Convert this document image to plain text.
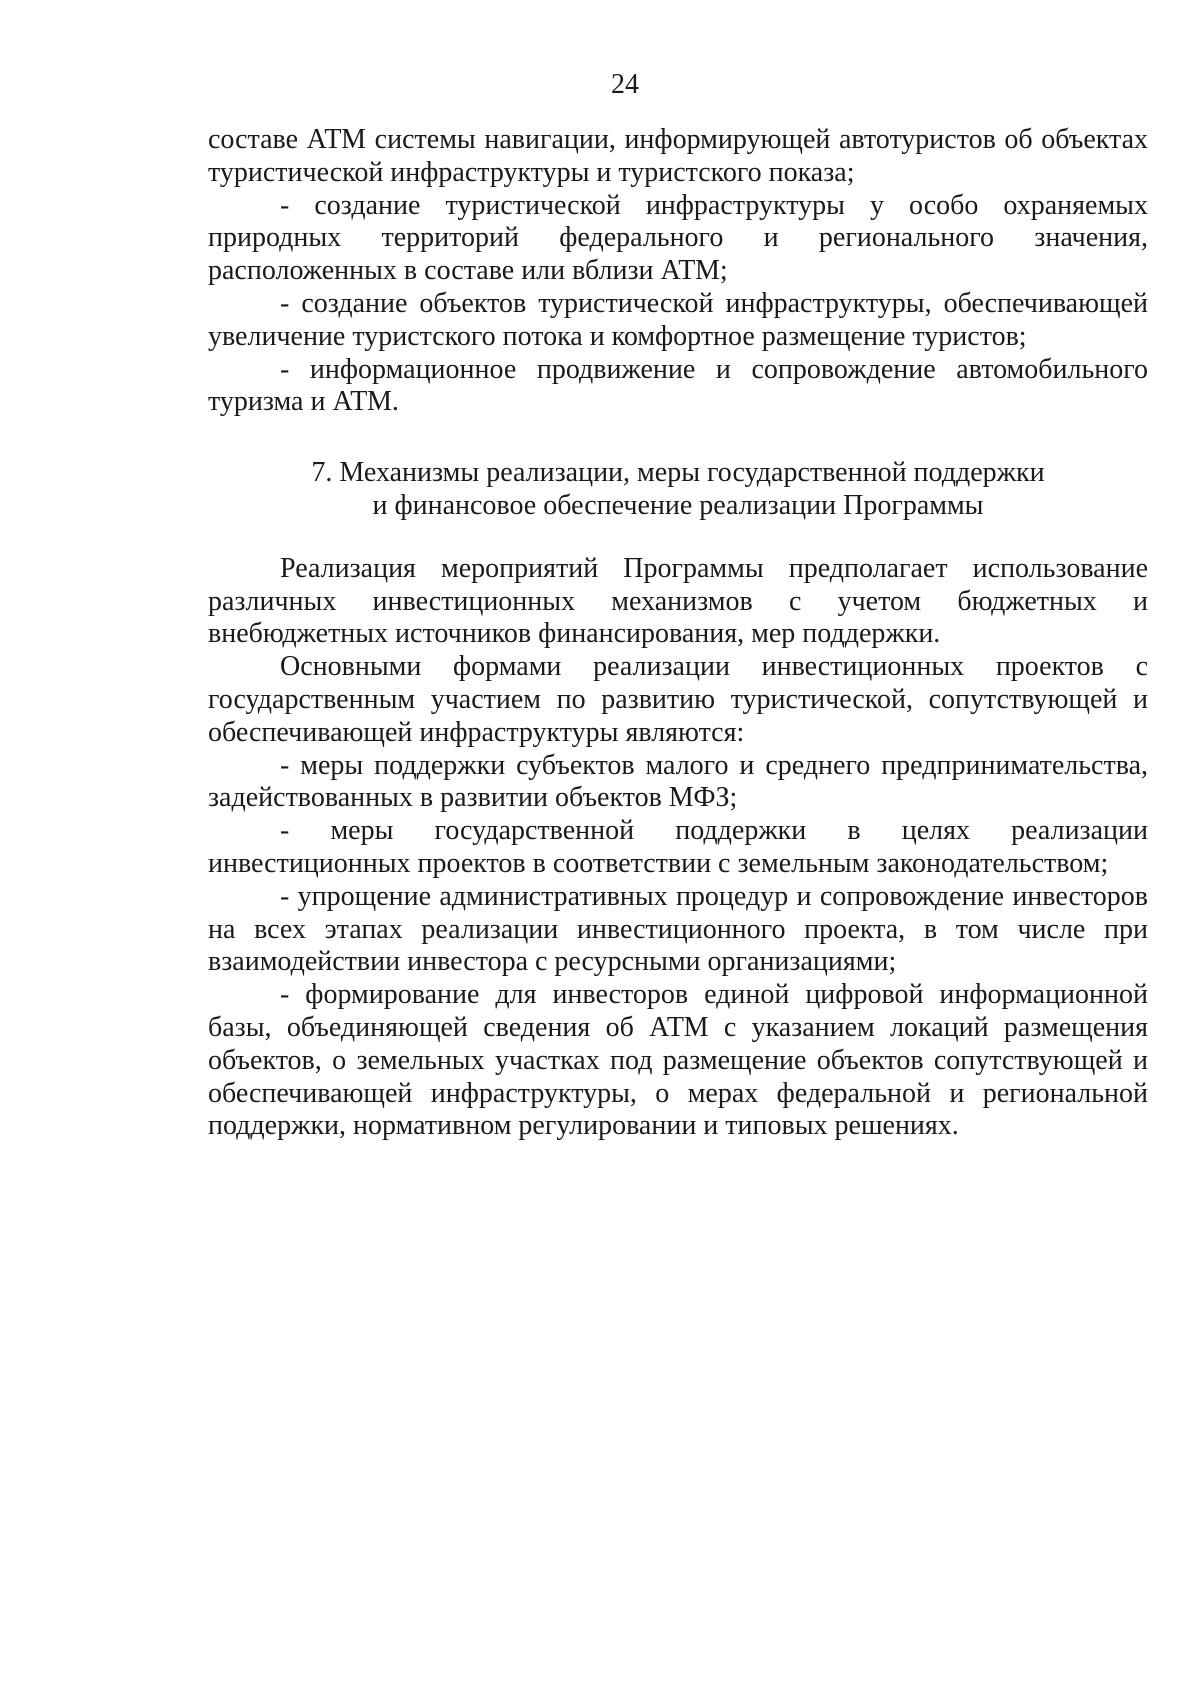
24

составе АТМ системы навигации, информирующей автотуристов об объектах туристической инфраструктуры и туристского показа;

- создание туристической инфраструктуры у особо охраняемых природных территорий федерального и регионального значения, расположенных в составе или вблизи АТМ;

- создание объектов туристической инфраструктуры, обеспечивающей увеличение туристского потока и комфортное размещение туристов;

- информационное продвижение и сопровождение автомобильного туризма и АТМ.

7. Механизмы реализации, меры государственной поддержки
и финансовое обеспечение реализации Программы

Реализация мероприятий Программы предполагает использование различных инвестиционных механизмов с учетом бюджетных и внебюджетных источников финансирования, мер поддержки.

Основными формами реализации инвестиционных проектов с государственным участием по развитию туристической, сопутствующей и обеспечивающей инфраструктуры являются:

- меры поддержки субъектов малого и среднего предпринимательства, задействованных в развитии объектов МФЗ;

- меры государственной поддержки в целях реализации инвестиционных проектов в соответствии с земельным законодательством;

- упрощение административных процедур и сопровождение инвесторов на всех этапах реализации инвестиционного проекта, в том числе при взаимодействии инвестора с ресурсными организациями;

- формирование для инвесторов единой цифровой информационной базы, объединяющей сведения об АТМ с указанием локаций размещения объектов, о земельных участках под размещение объектов сопутствующей и обеспечивающей инфраструктуры, о мерах федеральной и региональной поддержки, нормативном регулировании и типовых решениях.
